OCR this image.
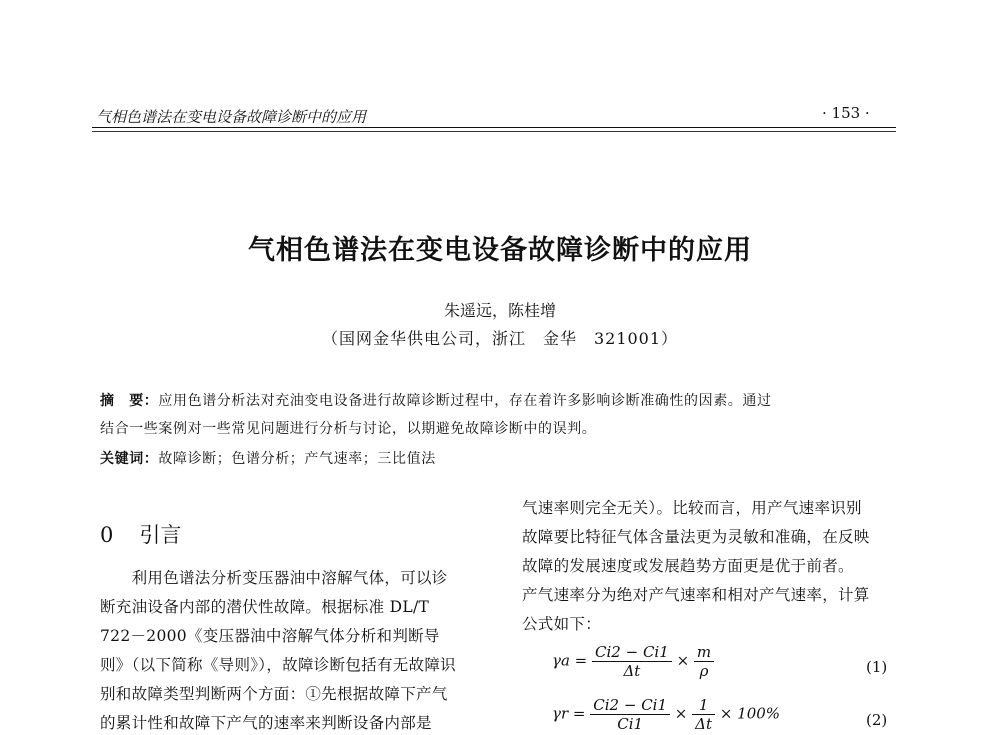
气相色谱法在变电设备故障诊断中的应用	· 153 ·
气相色谱法在变电设备故障诊断中的应用
朱遥远，陈桂增
（国网金华供电公司，浙江　金华　321001）
摘　要：应用色谱分析法对充油变电设备进行故障诊断过程中，存在着许多影响诊断准确性的因素。通过
结合一些案例对一些常见问题进行分析与讨论，以期避免故障诊断中的误判。
关键词：故障诊断；色谱分析；产气速率；三比值法
0 引言
　　利用色谱法分析变压器油中溶解气体，可以诊
断充油设备内部的潜伏性故障。根据标准 DL/T
722－2000《变压器油中溶解气体分析和判断导
则》（以下简称《导则》），故障诊断包括有无故障识
别和故障类型判断两个方面：①先根据故障下产气
的累计性和故障下产气的速率来判断设备内部是
气速率则完全无关）。比较而言，用产气速率识别
故障要比特征气体含量法更为灵敏和准确，在反映
故障的发展速度或发展趋势方面更是优于前者。
产气速率分为绝对产气速率和相对产气速率，计算
公式如下：
$\gamma a = \frac{Ci2 - Ci1}{\Delta t} \times \frac{m}{\rho}$	(1)
$\gamma r = \frac{Ci2 - Ci1}{Ci1} \times \frac{1}{\Delta t} \times 100\%$	(2)
